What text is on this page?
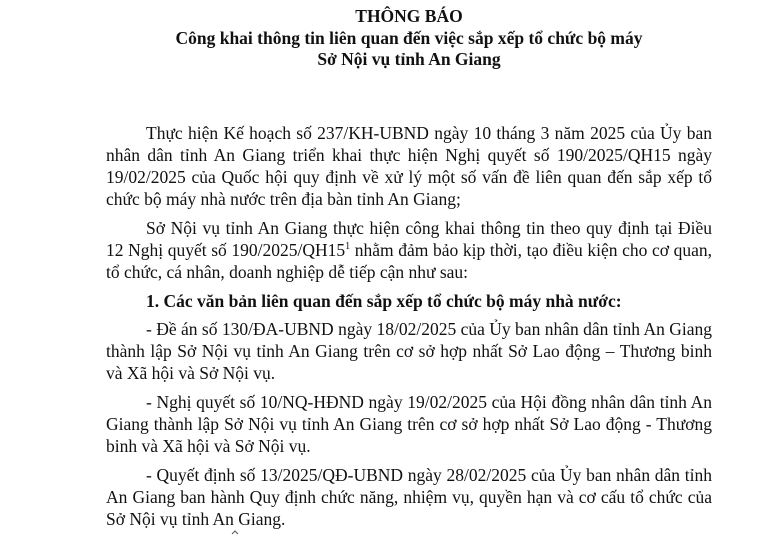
THÔNG BÁO
Công khai thông tin liên quan đến việc sắp xếp tổ chức bộ máy
Sở Nội vụ tỉnh An Giang

Thực hiện Kế hoạch số 237/KH-UBND ngày 10 tháng 3 năm 2025 của Ủy ban nhân dân tỉnh An Giang triển khai thực hiện Nghị quyết số 190/2025/QH15 ngày 19/02/2025 của Quốc hội quy định về xử lý một số vấn đề liên quan đến sắp xếp tổ chức bộ máy nhà nước trên địa bàn tỉnh An Giang;

Sở Nội vụ tỉnh An Giang thực hiện công khai thông tin theo quy định tại Điều 12 Nghị quyết số $190/2025/QH15^1$ nhằm đảm bảo kịp thời, tạo điều kiện cho cơ quan, tổ chức, cá nhân, doanh nghiệp dễ tiếp cận như sau:

1. Các văn bản liên quan đến sắp xếp tổ chức bộ máy nhà nước:

- Đề án số 130/ĐA-UBND ngày 18/02/2025 của Ủy ban nhân dân tỉnh An Giang thành lập Sở Nội vụ tỉnh An Giang trên cơ sở hợp nhất Sở Lao động – Thương binh và Xã hội và Sở Nội vụ.

- Nghị quyết số 10/NQ-HĐND ngày 19/02/2025 của Hội đồng nhân dân tỉnh An Giang thành lập Sở Nội vụ tỉnh An Giang trên cơ sở hợp nhất Sở Lao động - Thương binh và Xã hội và Sở Nội vụ.

- Quyết định số 13/2025/QĐ-UBND ngày 28/02/2025 của Ủy ban nhân dân tỉnh An Giang ban hành Quy định chức năng, nhiệm vụ, quyền hạn và cơ cấu tổ chức của Sở Nội vụ tỉnh An Giang.
